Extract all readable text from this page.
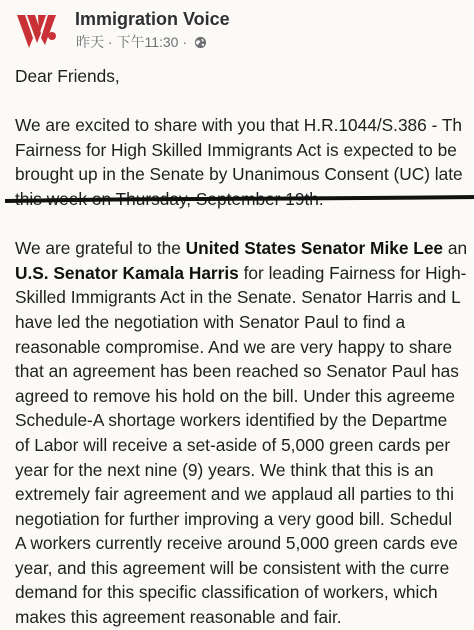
Immigration Voice
昨天 · 下午11:30 ·
Dear Friends,
We are excited to share with you that H.R.1044/S.386 - Th
Fairness for High Skilled Immigrants Act is expected to be
brought up in the Senate by Unanimous Consent (UC) late
this week on Thursday, September 19th.
We are grateful to the United States Senator Mike Lee an
U.S. Senator Kamala Harris for leading Fairness for High-
Skilled Immigrants Act in the Senate. Senator Harris and L
have led the negotiation with Senator Paul to find a
reasonable compromise. And we are very happy to share
that an agreement has been reached so Senator Paul has
agreed to remove his hold on the bill. Under this agreeme
Schedule-A shortage workers identified by the Departme
of Labor will receive a set-aside of 5,000 green cards per
year for the next nine (9) years. We think that this is an
extremely fair agreement and we applaud all parties to thi
negotiation for further improving a very good bill. Schedul
A workers currently receive around 5,000 green cards eve
year, and this agreement will be consistent with the curre
demand for this specific classification of workers, which
makes this agreement reasonable and fair.
